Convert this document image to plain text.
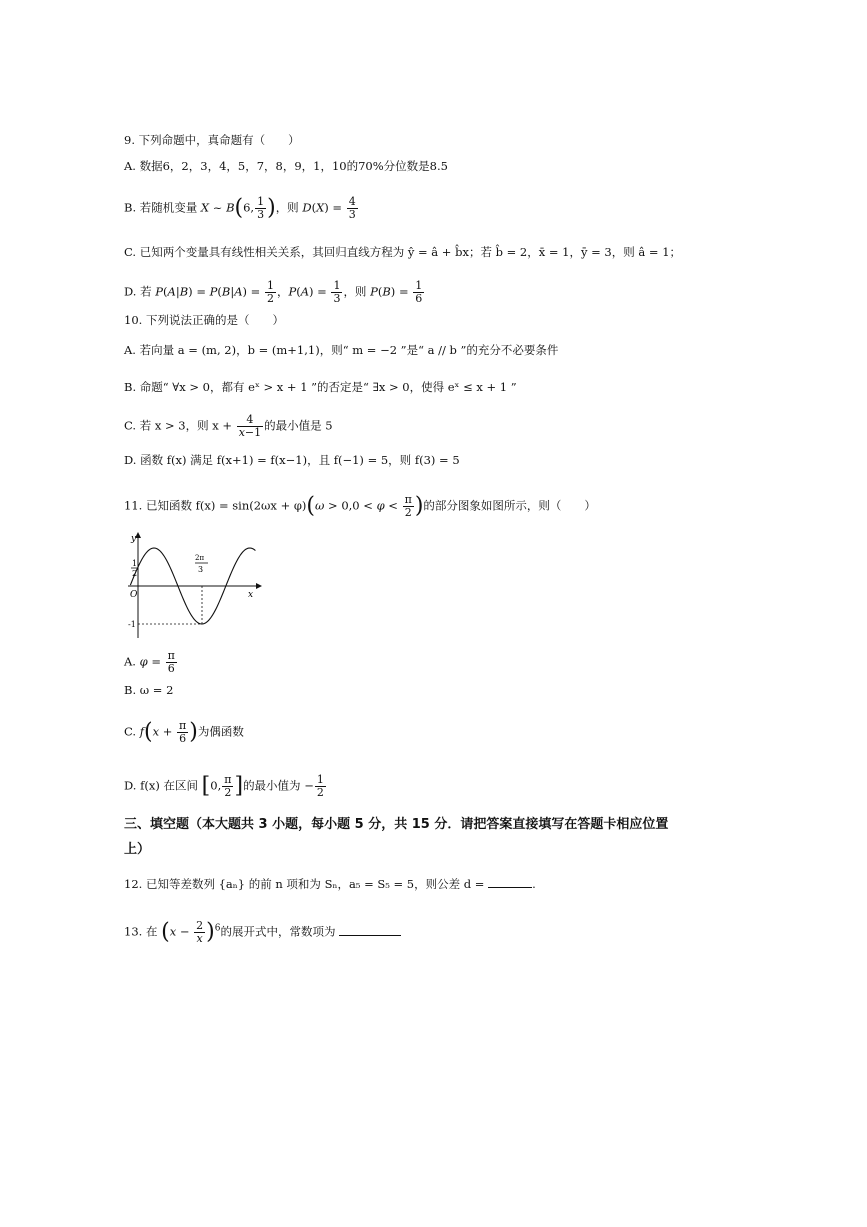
9. 下列命题中，真命题有（　　）
A. 数据6，2，3，4，5，7，8，9，1，10的70%分位数是8.5
B. 若随机变量 X ~ B(6, $\frac{1}{3}$ )，则 $D(X) = \frac{4}{3}$
C. 已知两个变量具有线性相关关系，其回归直线方程为 ŷ = â + b̂x；若 b̂ = 2，x̄ = 1，ȳ = 3，则 â = 1；
D. 若 $P(A|B) = P(B|A) = \frac{1}{2}$ ，$P(A) = \frac{1}{3}$ ，则 $P(B) = \frac{1}{6}$
10. 下列说法正确的是（　　）
A. 若向量 a = (m, 2)，b = (m+1,1)，则“ m = −2 ”是“ a // b ”的充分不必要条件
B. 命题“ ∀x > 0，都有 eˣ > x + 1 ”的否定是“ ∃x > 0，使得 eˣ ≤ x + 1 ”
C. 若 x > 3，则 $x + \frac{4}{x-1}$ 的最小值是 5
D. 函数 f(x) 满足 f(x+1) = f(x−1)，且 f(−1) = 5，则 f(3) = 5
11. 已知函数 $f(x) = \sin(2\omega x + \varphi)(\omega > 0,0 < \varphi < \frac{\pi}{2}$ )的部分图象如图所示，则（　　）
y
x
O
1
2
-1
2π
3
A. $\varphi = \frac{\pi}{6}$
B. ω = 2
C. $f(x + \frac{\pi}{6}$ )为偶函数
D. f(x) 在区间 [0, $\frac{\pi}{2}$ ]的最小值为 − $\frac{1}{2}$
三、填空题（本大题共 3 小题，每小题 5 分，共 15 分．请把答案直接填写在答题卡相应位置
上）
12. 已知等差数列 {aₙ} 的前 n 项和为 Sₙ，a₅ = S₅ = 5，则公差 d =	.
13. 在 $(x - \frac{2}{x} )^6$的展开式中，常数项为
